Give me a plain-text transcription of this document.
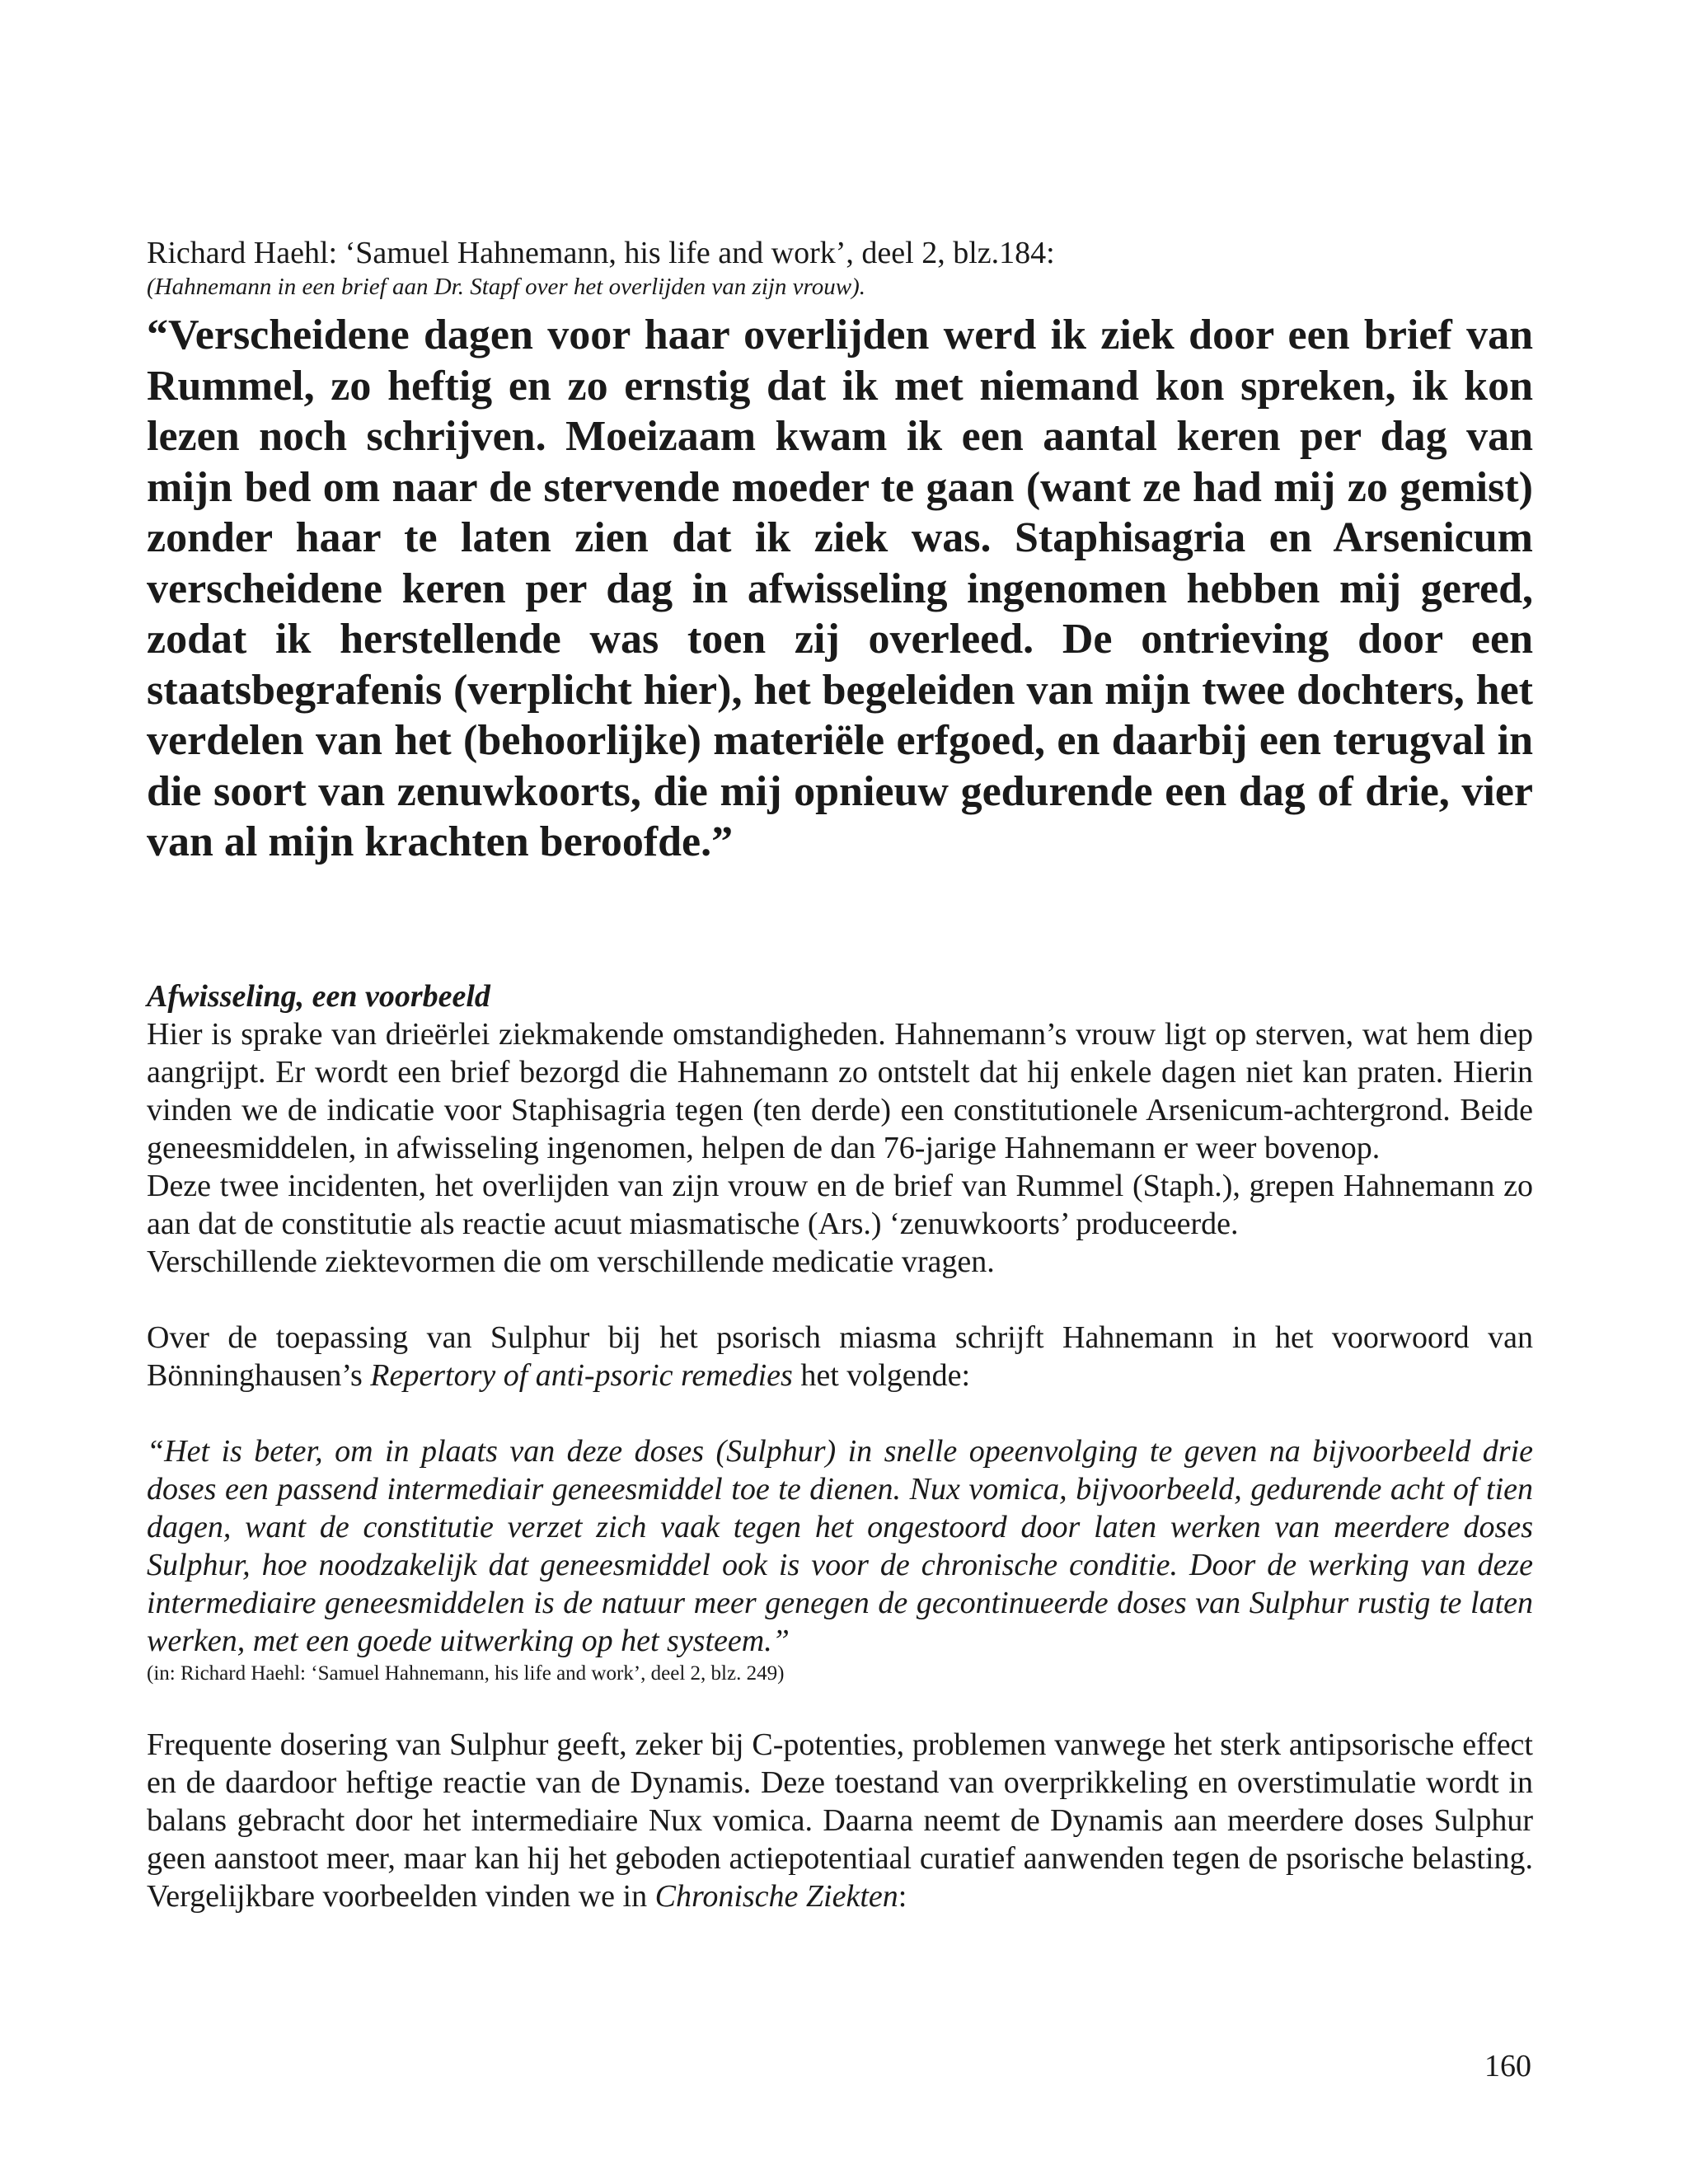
Richard Haehl: ‘Samuel Hahnemann, his life and work’, deel 2, blz.184:

(Hahnemann in een brief aan Dr. Stapf over het overlijden van zijn vrouw).

“Verscheidene dagen voor haar overlijden werd ik ziek door een brief van Rummel, zo heftig en zo ernstig dat ik met niemand kon spreken, ik kon lezen noch schrijven. Moeizaam kwam ik een aantal keren per dag van mijn bed om naar de stervende moeder te gaan (want ze had mij zo gemist) zonder haar te laten zien dat ik ziek was. Staphisagria en Arsenicum verscheidene keren per dag in afwisseling ingenomen hebben mij gered, zodat ik herstellende was toen zij overleed. De ontrieving door een staatsbegrafenis (verplicht hier), het begeleiden van mijn twee dochters, het verdelen van het (behoorlijke) materiële erfgoed, en daarbij een terugval in die soort van zenuwkoorts, die mij opnieuw gedurende een dag of drie, vier van al mijn krachten beroofde.”

Afwisseling, een voorbeeld

Hier is sprake van drieërlei ziekmakende omstandigheden. Hahnemann’s vrouw ligt op sterven, wat hem diep aangrijpt. Er wordt een brief bezorgd die Hahnemann zo ontstelt dat hij enkele dagen niet kan praten. Hierin vinden we de indicatie voor Staphisagria tegen (ten derde) een constitutionele Arsenicum-achtergrond. Beide geneesmiddelen, in afwisseling ingenomen, helpen de dan 76-jarige Hahnemann er weer bovenop.

Deze twee incidenten, het overlijden van zijn vrouw en de brief van Rummel (Staph.), grepen Hahnemann zo aan dat de constitutie als reactie acuut miasmatische (Ars.) ‘zenuwkoorts’ produceerde.

Verschillende ziektevormen die om verschillende medicatie vragen.

Over de toepassing van Sulphur bij het psorisch miasma schrijft Hahnemann in het voorwoord van Bönninghausen’s Repertory of anti-psoric remedies het volgende:

“Het is beter, om in plaats van deze doses (Sulphur) in snelle opeenvolging te geven na bijvoorbeeld drie doses een passend intermediair geneesmiddel toe te dienen. Nux vomica, bijvoorbeeld, gedurende acht of tien dagen, want de constitutie verzet zich vaak tegen het ongestoord door laten werken van meerdere doses Sulphur, hoe noodzakelijk dat geneesmiddel ook is voor de chronische conditie. Door de werking van deze intermediaire geneesmiddelen is de natuur meer genegen de gecontinueerde doses van Sulphur rustig te laten werken, met een goede uitwerking op het systeem.”

(in: Richard Haehl: ‘Samuel Hahnemann, his life and work’, deel 2, blz. 249)

Frequente dosering van Sulphur geeft, zeker bij C-potenties, problemen vanwege het sterk antipsorische effect en de daardoor heftige reactie van de Dynamis. Deze toestand van overprikkeling en overstimulatie wordt in balans gebracht door het intermediaire Nux vomica. Daarna neemt de Dynamis aan meerdere doses Sulphur geen aanstoot meer, maar kan hij het geboden actiepotentiaal curatief aanwenden tegen de psorische belasting. Vergelijkbare voorbeelden vinden we in Chronische Ziekten:

160
